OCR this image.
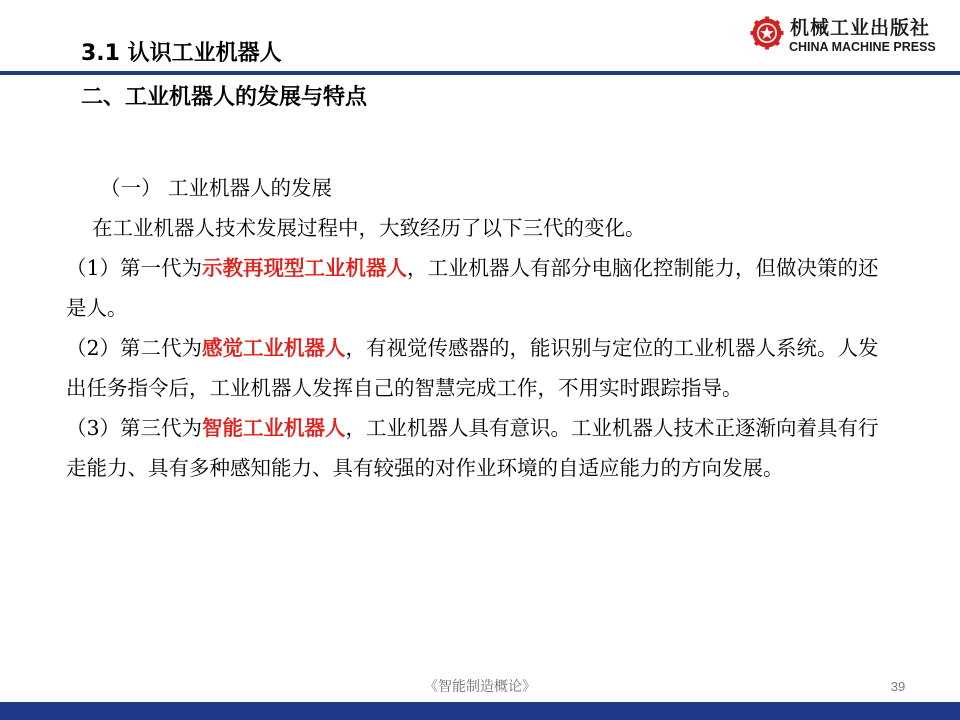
3.1 认识工业机器人
机械工业出版社
CHINA MACHINE PRESS
二、工业机器人的发展与特点

（一） 工业机器人的发展

在工业机器人技术发展过程中，大致经历了以下三代的变化。

（1）第一代为示教再现型工业机器人，工业机器人有部分电脑化控制能力，但做决策的还是人。

（2）第二代为感觉工业机器人，有视觉传感器的，能识别与定位的工业机器人系统。人发出任务指令后，工业机器人发挥自己的智慧完成工作，不用实时跟踪指导。

（3）第三代为智能工业机器人，工业机器人具有意识。工业机器人技术正逐渐向着具有行走能力、具有多种感知能力、具有较强的对作业环境的自适应能力的方向发展。

《智能制造概论》	39
